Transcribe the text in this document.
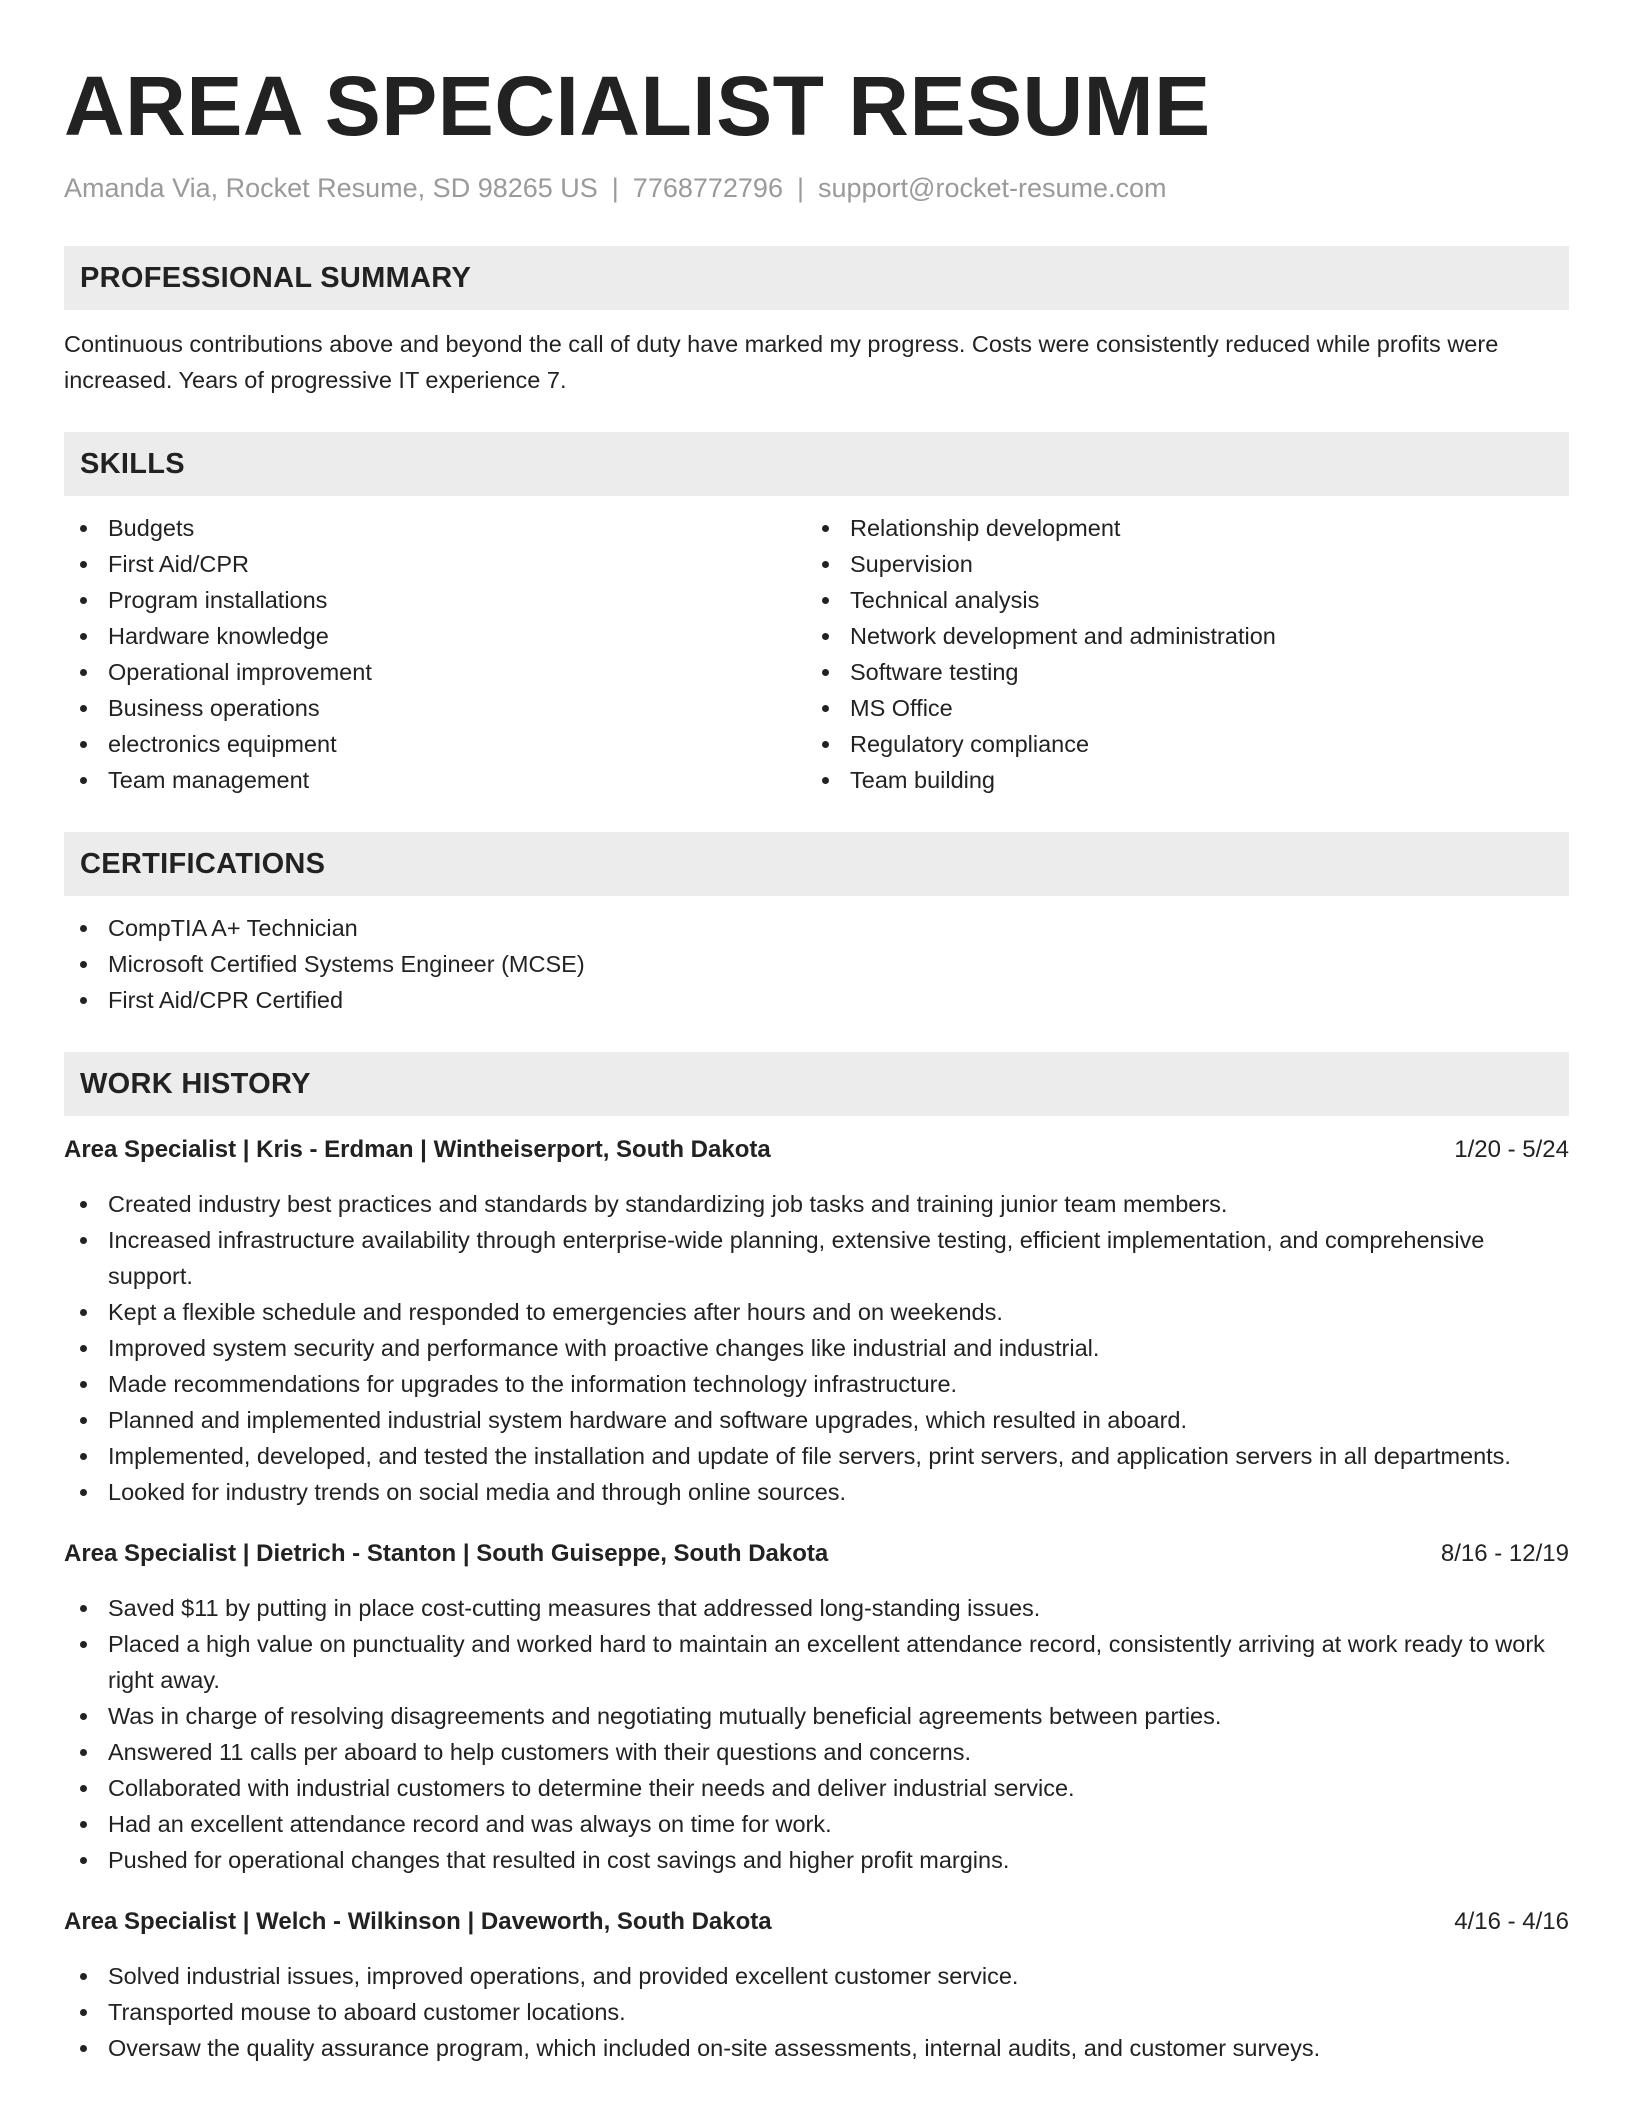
AREA SPECIALIST RESUME
Amanda Via, Rocket Resume, SD 98265 US | 7768772796 | support@rocket-resume.com
PROFESSIONAL SUMMARY

Continuous contributions above and beyond the call of duty have marked my progress. Costs were consistently reduced while profits were increased. Years of progressive IT experience 7.

SKILLS
Budgets
First Aid/CPR
Program installations
Hardware knowledge
Operational improvement
Business operations
electronics equipment
Team management
Relationship development
Supervision
Technical analysis
Network development and administration
Software testing
MS Office
Regulatory compliance
Team building
CERTIFICATIONS
CompTIA A+ Technician
Microsoft Certified Systems Engineer (MCSE)
First Aid/CPR Certified
WORK HISTORY
Area Specialist | Kris - Erdman | Wintheiserport, South Dakota	1/20 - 5/24
Created industry best practices and standards by standardizing job tasks and training junior team members.
Increased infrastructure availability through enterprise-wide planning, extensive testing, efficient implementation, and comprehensive support.
Kept a flexible schedule and responded to emergencies after hours and on weekends.
Improved system security and performance with proactive changes like industrial and industrial.
Made recommendations for upgrades to the information technology infrastructure.
Planned and implemented industrial system hardware and software upgrades, which resulted in aboard.
Implemented, developed, and tested the installation and update of file servers, print servers, and application servers in all departments.
Looked for industry trends on social media and through online sources.
Area Specialist | Dietrich - Stanton | South Guiseppe, South Dakota	8/16 - 12/19
Saved $11 by putting in place cost-cutting measures that addressed long-standing issues.
Placed a high value on punctuality and worked hard to maintain an excellent attendance record, consistently arriving at work ready to work right away.
Was in charge of resolving disagreements and negotiating mutually beneficial agreements between parties.
Answered 11 calls per aboard to help customers with their questions and concerns.
Collaborated with industrial customers to determine their needs and deliver industrial service.
Had an excellent attendance record and was always on time for work.
Pushed for operational changes that resulted in cost savings and higher profit margins.
Area Specialist | Welch - Wilkinson | Daveworth, South Dakota	4/16 - 4/16
Solved industrial issues, improved operations, and provided excellent customer service.
Transported mouse to aboard customer locations.
Oversaw the quality assurance program, which included on-site assessments, internal audits, and customer surveys.
